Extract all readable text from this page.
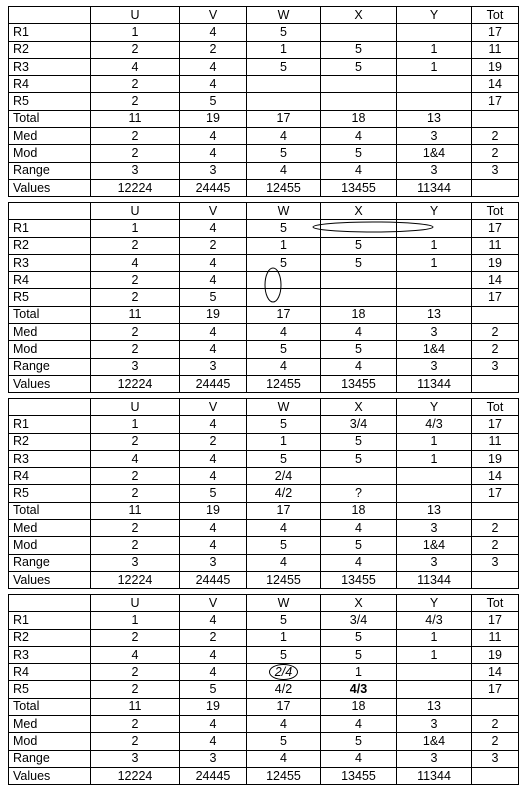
	U	V	W	X	Y	Tot
R1	1	4	5			17
R2	2	2	1	5	1	11
R3	4	4	5	5	1	19
R4	2	4				14
R5	2	5				17
Total	11	19	17	18	13	
Med	2	4	4	4	3	2
Mod	2	4	5	5	1&4	2
Range	3	3	4	4	3	3
Values	12224	24445	12455	13455	11344	
	U	V	W	X	Y	Tot
R1	1	4	5			17
R2	2	2	1	5	1	11
R3	4	4	5	5	1	19
R4	2	4				14
R5	2	5				17
Total	11	19	17	18	13	
Med	2	4	4	4	3	2
Mod	2	4	5	5	1&4	2
Range	3	3	4	4	3	3
Values	12224	24445	12455	13455	11344	
	U	V	W	X	Y	Tot
R1	1	4	5	3/4	4/3	17
R2	2	2	1	5	1	11
R3	4	4	5	5	1	19
R4	2	4	2/4			14
R5	2	5	4/2	?		17
Total	11	19	17	18	13	
Med	2	4	4	4	3	2
Mod	2	4	5	5	1&4	2
Range	3	3	4	4	3	3
Values	12224	24445	12455	13455	11344	
	U	V	W	X	Y	Tot
R1	1	4	5	3/4	4/3	17
R2	2	2	1	5	1	11
R3	4	4	5	5	1	19
R4	2	4	2/4	1		14
R5	2	5	4/2	4/3		17
Total	11	19	17	18	13	
Med	2	4	4	4	3	2
Mod	2	4	5	5	1&4	2
Range	3	3	4	4	3	3
Values	12224	24445	12455	13455	11344	
